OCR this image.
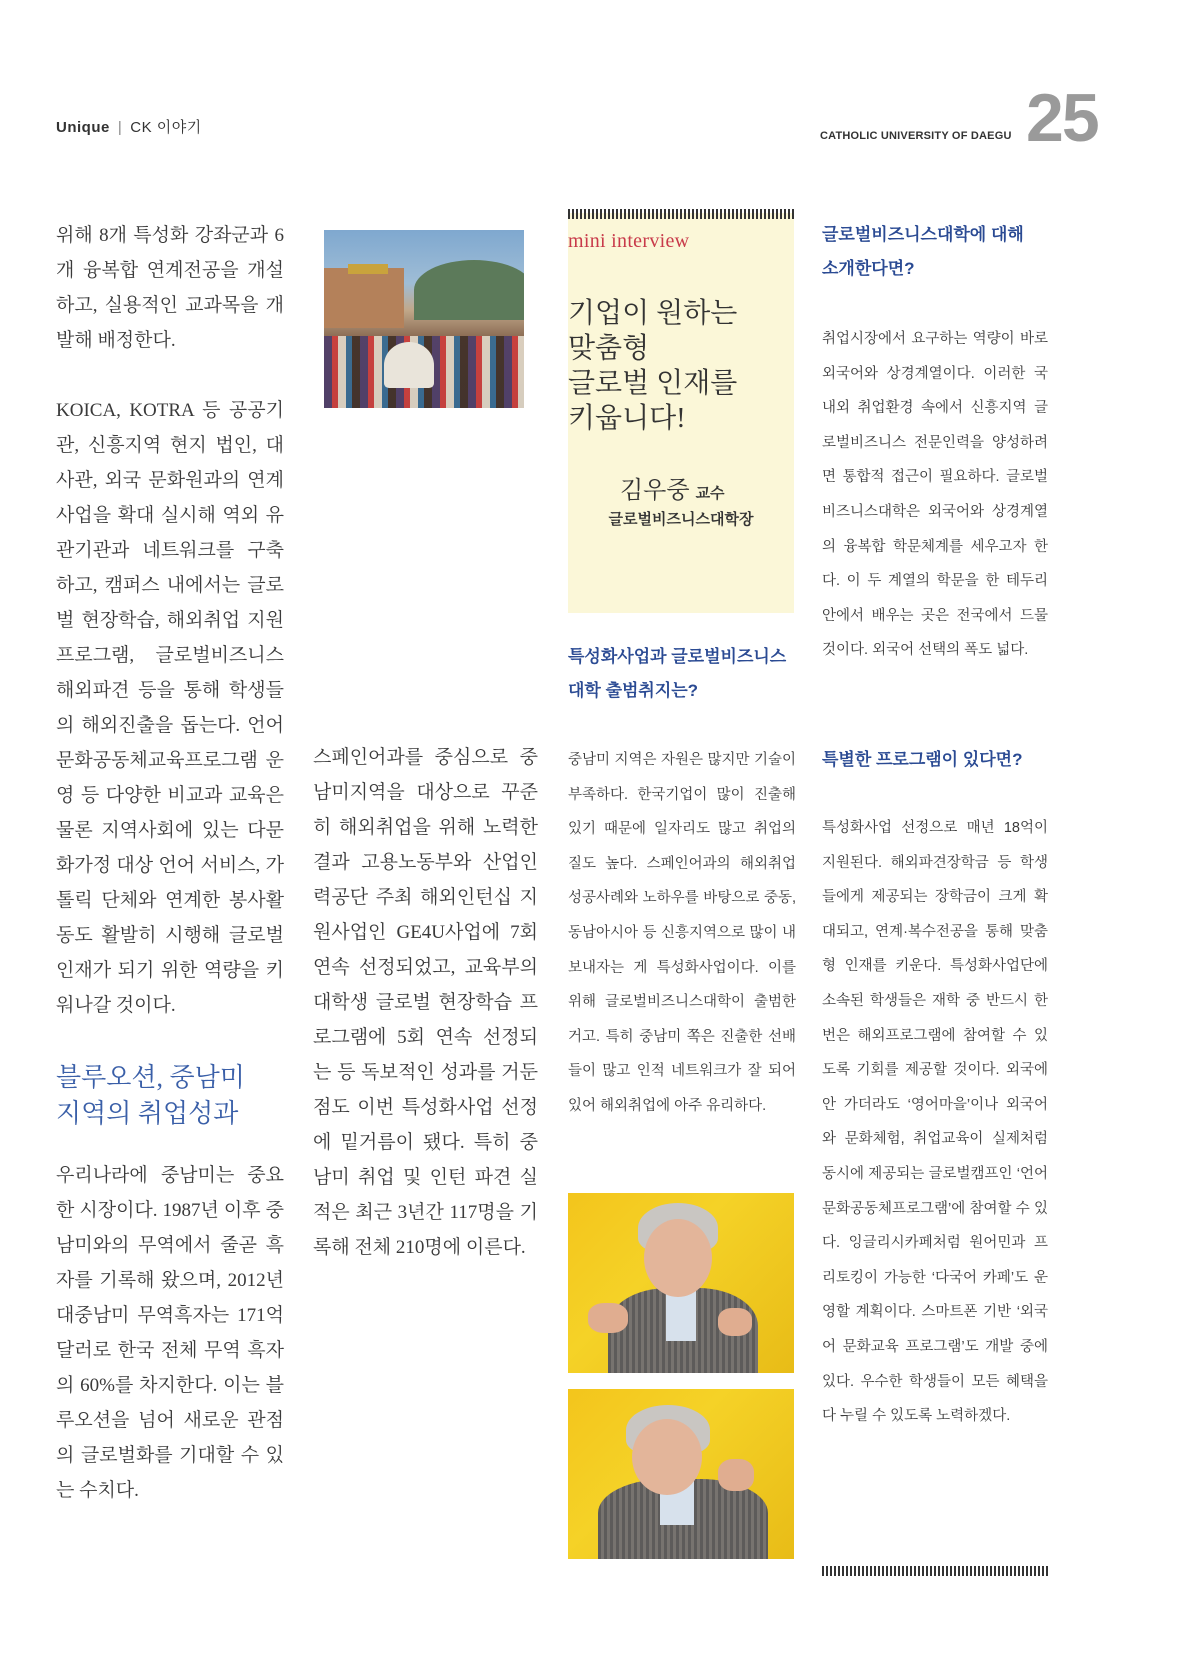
Unique | CK 이야기	CATHOLIC UNIVERSITY OF DAEGU 25

위해 8개 특성화 강좌군과 6개 융복합 연계전공을 개설하고, 실용적인 교과목을 개발해 배정한다.

KOICA, KOTRA 등 공공기관, 신흥지역 현지 법인, 대사관, 외국 문화원과의 연계사업을 확대 실시해 역외 유관기관과 네트워크를 구축하고, 캠퍼스 내에서는 글로벌 현장학습, 해외취업 지원프로그램, 글로벌비즈니스 해외파견 등을 통해 학생들의 해외진출을 돕는다. 언어문화공동체교육프로그램 운영 등 다양한 비교과 교육은 물론 지역사회에 있는 다문화가정 대상 언어 서비스, 가톨릭 단체와 연계한 봉사활동도 활발히 시행해 글로벌 인재가 되기 위한 역량을 키워나갈 것이다.

블루오션, 중남미
지역의 취업성과

우리나라에 중남미는 중요한 시장이다. 1987년 이후 중남미와의 무역에서 줄곧 흑자를 기록해 왔으며, 2012년 대중남미 무역흑자는 171억 달러로 한국 전체 무역 흑자의 60%를 차지한다. 이는 블루오션을 넘어 새로운 관점의 글로벌화를 기대할 수 있는 수치다.

스페인어과를 중심으로 중남미지역을 대상으로 꾸준히 해외취업을 위해 노력한 결과 고용노동부와 산업인력공단 주최 해외인턴십 지원사업인 GE4U사업에 7회 연속 선정되었고, 교육부의 대학생 글로벌 현장학습 프로그램에 5회 연속 선정되는 등 독보적인 성과를 거둔 점도 이번 특성화사업 선정에 밑거름이 됐다. 특히 중남미 취업 및 인턴 파견 실적은 최근 3년간 117명을 기록해 전체 210명에 이른다.

mini interview
기업이 원하는
맞춤형
글로벌 인재를
키웁니다!
김우중 교수
글로벌비즈니스대학장
특성화사업과 글로벌비즈니스
대학 출범취지는?

중남미 지역은 자원은 많지만 기술이 부족하다. 한국기업이 많이 진출해 있기 때문에 일자리도 많고 취업의 질도 높다. 스페인어과의 해외취업 성공사례와 노하우를 바탕으로 중동, 동남아시아 등 신흥지역으로 많이 내보내자는 게 특성화사업이다. 이를 위해 글로벌비즈니스대학이 출범한 거고. 특히 중남미 쪽은 진출한 선배들이 많고 인적 네트워크가 잘 되어 있어 해외취업에 아주 유리하다.

글로벌비즈니스대학에 대해
소개한다면?

취업시장에서 요구하는 역량이 바로 외국어와 상경계열이다. 이러한 국내외 취업환경 속에서 신흥지역 글로벌비즈니스 전문인력을 양성하려면 통합적 접근이 필요하다. 글로벌비즈니스대학은 외국어와 상경계열의 융복합 학문체계를 세우고자 한다. 이 두 계열의 학문을 한 테두리 안에서 배우는 곳은 전국에서 드물 것이다. 외국어 선택의 폭도 넓다.

특별한 프로그램이 있다면?

특성화사업 선정으로 매년 18억이 지원된다. 해외파견장학금 등 학생들에게 제공되는 장학금이 크게 확대되고, 연계·복수전공을 통해 맞춤형 인재를 키운다. 특성화사업단에 소속된 학생들은 재학 중 반드시 한번은 해외프로그램에 참여할 수 있도록 기회를 제공할 것이다. 외국에 안 가더라도 ‘영어마을’이나 외국어와 문화체험, 취업교육이 실제처럼 동시에 제공되는 글로벌캠프인 ‘언어문화공동체프로그램’에 참여할 수 있다. 잉글리시카페처럼 원어민과 프리토킹이 가능한 ‘다국어 카페’도 운영할 계획이다. 스마트폰 기반 ‘외국어 문화교육 프로그램’도 개발 중에 있다. 우수한 학생들이 모든 혜택을 다 누릴 수 있도록 노력하겠다.
